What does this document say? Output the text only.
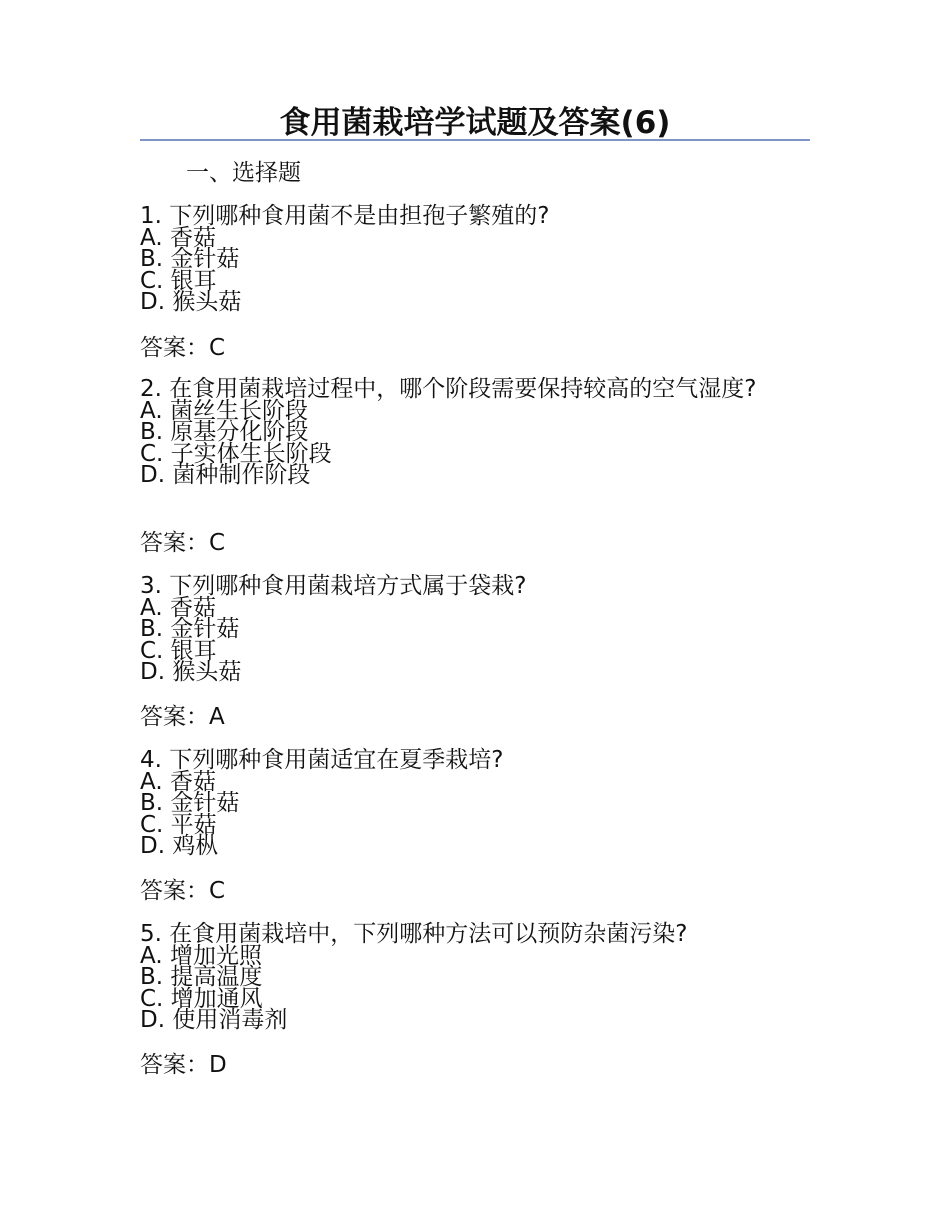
食用菌栽培学试题及答案(6)
一、选择题
1. 下列哪种食用菌不是由担孢子繁殖的?
A. 香菇
B. 金针菇
C. 银耳
D. 猴头菇
答案：C
2. 在食用菌栽培过程中，哪个阶段需要保持较高的空气湿度?
A. 菌丝生长阶段
B. 原基分化阶段
C. 子实体生长阶段
D. 菌种制作阶段
答案：C
3. 下列哪种食用菌栽培方式属于袋栽?
A. 香菇
B. 金针菇
C. 银耳
D. 猴头菇
答案：A
4. 下列哪种食用菌适宜在夏季栽培?
A. 香菇
B. 金针菇
C. 平菇
D. 鸡枞
答案：C
5. 在食用菌栽培中，下列哪种方法可以预防杂菌污染?
A. 增加光照
B. 提高温度
C. 增加通风
D. 使用消毒剂
答案：D
